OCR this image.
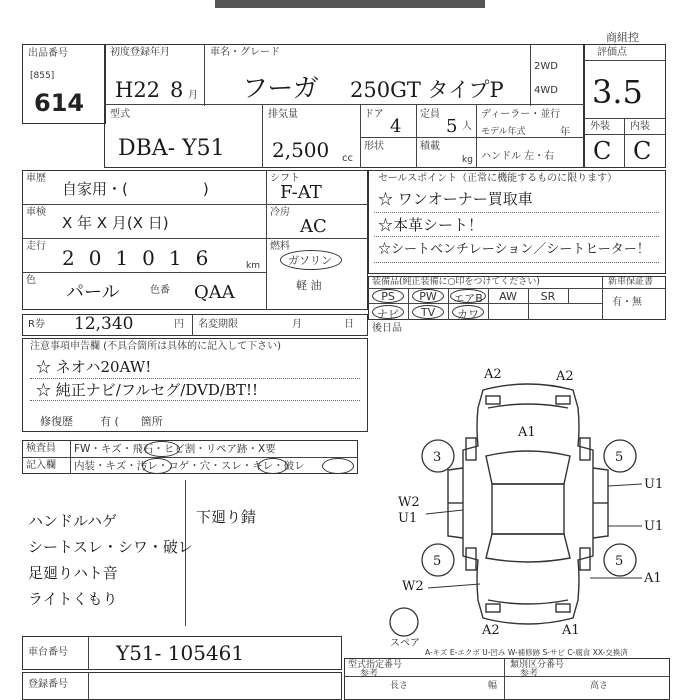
商組控
出品番号
[855]
614
初度登録年月
H22 8 月
車名・グレード
フーガ 250GT タイプP
2WD
4WD
評価点
3.5
外装 内装
C C
型式
DBA- Y51
排気量
2,500 cc
ドア
4
定員
5 人
形状	積載
kg
ディーラー・並行
モデル年式	年
ハンドル 左・右
車歴
自家用・(　　　　　)
車検
X 年 X 月(X 日)
走行 201016	km
色
パール	色番 QAA
シフト
F-AT
冷房
AC
燃料
ガソリン
軽 油
R券 12,340	円 名変期限	月	日
セールスポイント（正常に機能するものに限ります）
☆ ワンオーナー買取車
☆本革シート！
☆シートベンチレーション／シートヒーター！
装備品(純正装備に○印をつけてください)	新車保証書
有・無
PS	PW	エアB	AW	SR
ナビ	TV	カワ
後日品
注意事項申告欄 (不具合箇所は具体的に記入して下さい)
☆ ネオハ20AW!
☆ 純正ナビ/フルセグ/DVD/BT!!
修復歴 有 (　　箇所
検査員
記入欄
FW・キズ・飛石・ヒビ割・リペア跡・X要
内装・キズ・汚レ・コゲ・穴・スレ・キレ・破レ
ハンドルハゲ
シートスレ・シワ・破レ
足廻りハト音
ライトくもり
下廻り錆
A2	A2
A1
3	5
5	5
U1
U1
W2
U1
W2
A2	A1
A1
スペア
A-キズ E-エクボ U-凹み W-補修跡 S-サビ C-腐食 XX-交換済
車台番号 Y51- 105461
登録番号
型式指定番号
参考
類別区分番号
参考
長さ	幅	高さ
